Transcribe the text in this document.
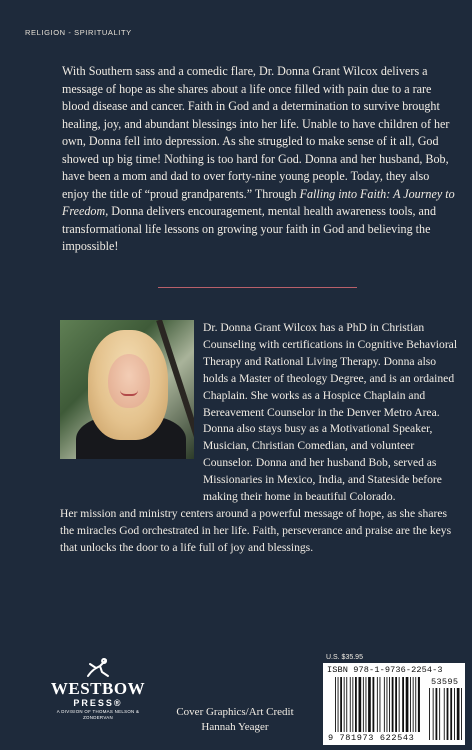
RELIGION - SPIRITUALITY
With Southern sass and a comedic flare, Dr. Donna Grant Wilcox delivers a message of hope as she shares about a life once filled with pain due to a rare blood disease and cancer. Faith in God and a determination to survive brought healing, joy, and abundant blessings into her life. Unable to have children of her own, Donna fell into depression. As she struggled to make sense of it all, God showed up big time! Nothing is too hard for God. Donna and her husband, Bob, have been a mom and dad to over forty-nine young people. Today, they also enjoy the title of “proud grandparents.” Through Falling into Faith: A Journey to Freedom, Donna delivers encouragement, mental health awareness tools, and transformational life lessons on growing your faith in God and believing the impossible!
Dr. Donna Grant Wilcox has a PhD in Christian Counseling with certifications in Cognitive Behavioral Therapy and Rational Living Therapy. Donna also holds a Master of theology Degree, and is an ordained Chaplain. She works as a Hospice Chaplain and Bereavement Counselor in the Denver Metro Area. Donna also stays busy as a Motivational Speaker, Musician, Christian Comedian, and volunteer Counselor. Donna and her husband Bob, served as Missionaries in Mexico, India, and Stateside before making their home in beautiful Colorado.
Her mission and ministry centers around a powerful message of hope, as she shares the miracles God orchestrated in her life. Faith, perseverance and praise are the keys that unlocks the door to a life full of joy and blessings.
WESTBOW
PRESS®
A DIVISION OF THOMAS NELSON & ZONDERVAN	Cover Graphics/Art Credit
Hannah Yeager
U.S. $35.95
ISBN 978-1-9736-2254-3
53595
9 781973 622543
